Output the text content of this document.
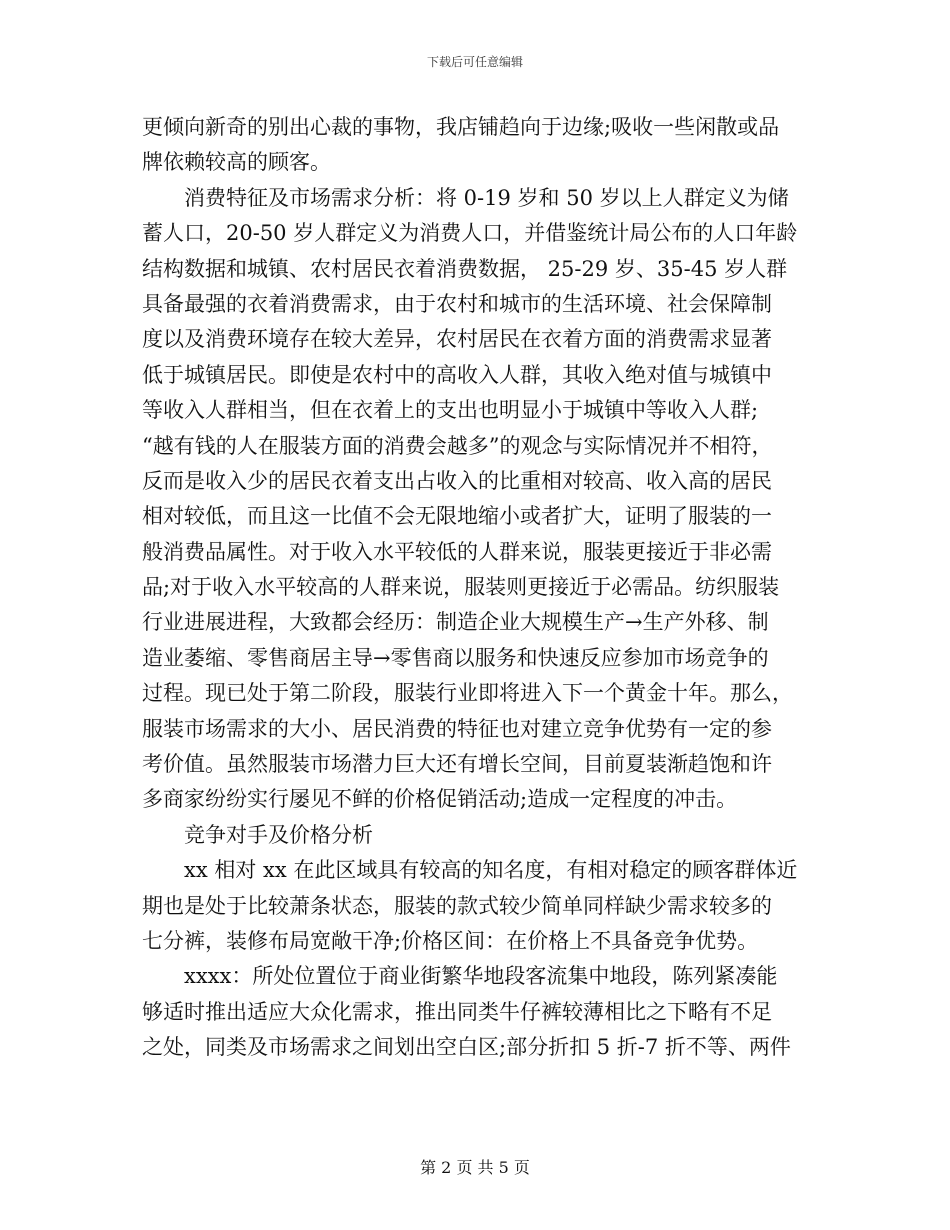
下载后可任意编辑
更倾向新奇的别出心裁的事物，我店铺趋向于边缘;吸收一些闲散或品
牌依赖较高的顾客。
消费特征及市场需求分析：将 0-19 岁和 50 岁以上人群定义为储
蓄人口，20-50 岁人群定义为消费人口，并借鉴统计局公布的人口年龄
结构数据和城镇、农村居民衣着消费数据， 25-29 岁、35-45 岁人群
具备最强的衣着消费需求，由于农村和城市的生活环境、社会保障制
度以及消费环境存在较大差异，农村居民在衣着方面的消费需求显著
低于城镇居民。即使是农村中的高收入人群，其收入绝对值与城镇中
等收入人群相当，但在衣着上的支出也明显小于城镇中等收入人群;
“越有钱的人在服装方面的消费会越多”的观念与实际情况并不相符，
反而是收入少的居民衣着支出占收入的比重相对较高、收入高的居民
相对较低，而且这一比值不会无限地缩小或者扩大，证明了服装的一
般消费品属性。对于收入水平较低的人群来说，服装更接近于非必需
品;对于收入水平较高的人群来说，服装则更接近于必需品。纺织服装
行业进展进程，大致都会经历：制造企业大规模生产→生产外移、制
造业萎缩、零售商居主导→零售商以服务和快速反应参加市场竞争的
过程。现已处于第二阶段，服装行业即将进入下一个黄金十年。那么，
服装市场需求的大小、居民消费的特征也对建立竞争优势有一定的参
考价值。虽然服装市场潜力巨大还有增长空间，目前夏装渐趋饱和许
多商家纷纷实行屡见不鲜的价格促销活动;造成一定程度的冲击。
竞争对手及价格分析
xx 相对 xx 在此区域具有较高的知名度，有相对稳定的顾客群体近
期也是处于比较萧条状态，服装的款式较少简单同样缺少需求较多的
七分裤，装修布局宽敞干净;价格区间：在价格上不具备竞争优势。
xxxx：所处位置位于商业街繁华地段客流集中地段，陈列紧凑能
够适时推出适应大众化需求，推出同类牛仔裤较薄相比之下略有不足
之处，同类及市场需求之间划出空白区;部分折扣 5 折-7 折不等、两件
第 2 页 共 5 页
